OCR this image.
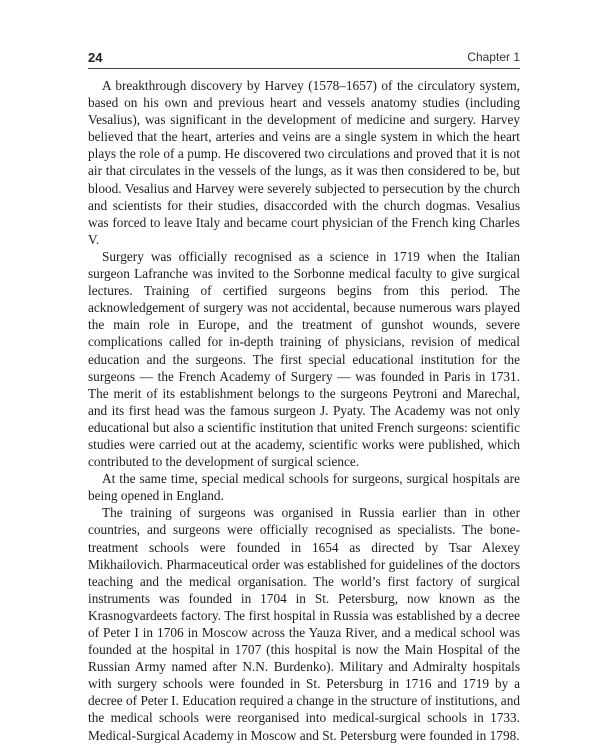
24	Chapter 1

A breakthrough discovery by Harvey (1578–1657) of the circulatory system, based on his own and previous heart and vessels anatomy studies (including Vesalius), was significant in the development of medicine and surgery. Harvey believed that the heart, arteries and veins are a single system in which the heart plays the role of a pump. He discovered two circulations and proved that it is not air that circulates in the vessels of the lungs, as it was then considered to be, but blood. Vesalius and Harvey were severely subjected to persecution by the church and scientists for their studies, disaccorded with the church dogmas. Vesalius was forced to leave Italy and became court physician of the French king Charles V.

Surgery was officially recognised as a science in 1719 when the Italian surgeon Lafranche was invited to the Sorbonne medical faculty to give surgical lectures. Training of certified surgeons begins from this period. The acknowledgement of surgery was not accidental, because numerous wars played the main role in Europe, and the treatment of gunshot wounds, severe complications called for in-depth training of physicians, revision of medical education and the surgeons. The first special educational institution for the surgeons — the French Academy of Surgery — was founded in Paris in 1731. The merit of its establishment belongs to the surgeons Peytroni and Marechal, and its first head was the famous surgeon J. Pyaty. The Academy was not only educational but also a scientific institution that united French surgeons: scientific studies were carried out at the academy, scientific works were published, which contributed to the development of surgical science.

At the same time, special medical schools for surgeons, surgical hospitals are being opened in England.

The training of surgeons was organised in Russia earlier than in other countries, and surgeons were officially recognised as specialists. The bone-treatment schools were founded in 1654 as directed by Tsar Alexey Mikhailovich. Pharmaceutical order was established for guidelines of the doctors teaching and the medical organisation. The world’s first factory of surgical instruments was founded in 1704 in St. Petersburg, now known as the Krasnogvardeets factory. The first hospital in Russia was established by a decree of Peter I in 1706 in Moscow across the Yauza River, and a medical school was founded at the hospital in 1707 (this hospital is now the Main Hospital of the Russian Army named after N.N. Burdenko). Military and Admiralty hospitals with surgery schools were founded in St. Petersburg in 1716 and 1719 by a decree of Peter I. Education required a change in the structure of institutions, and the medical schools were reorganised into medical-surgical schools in 1733. Medical-Surgical Academy in Moscow and St. Petersburg were founded in 1798.
